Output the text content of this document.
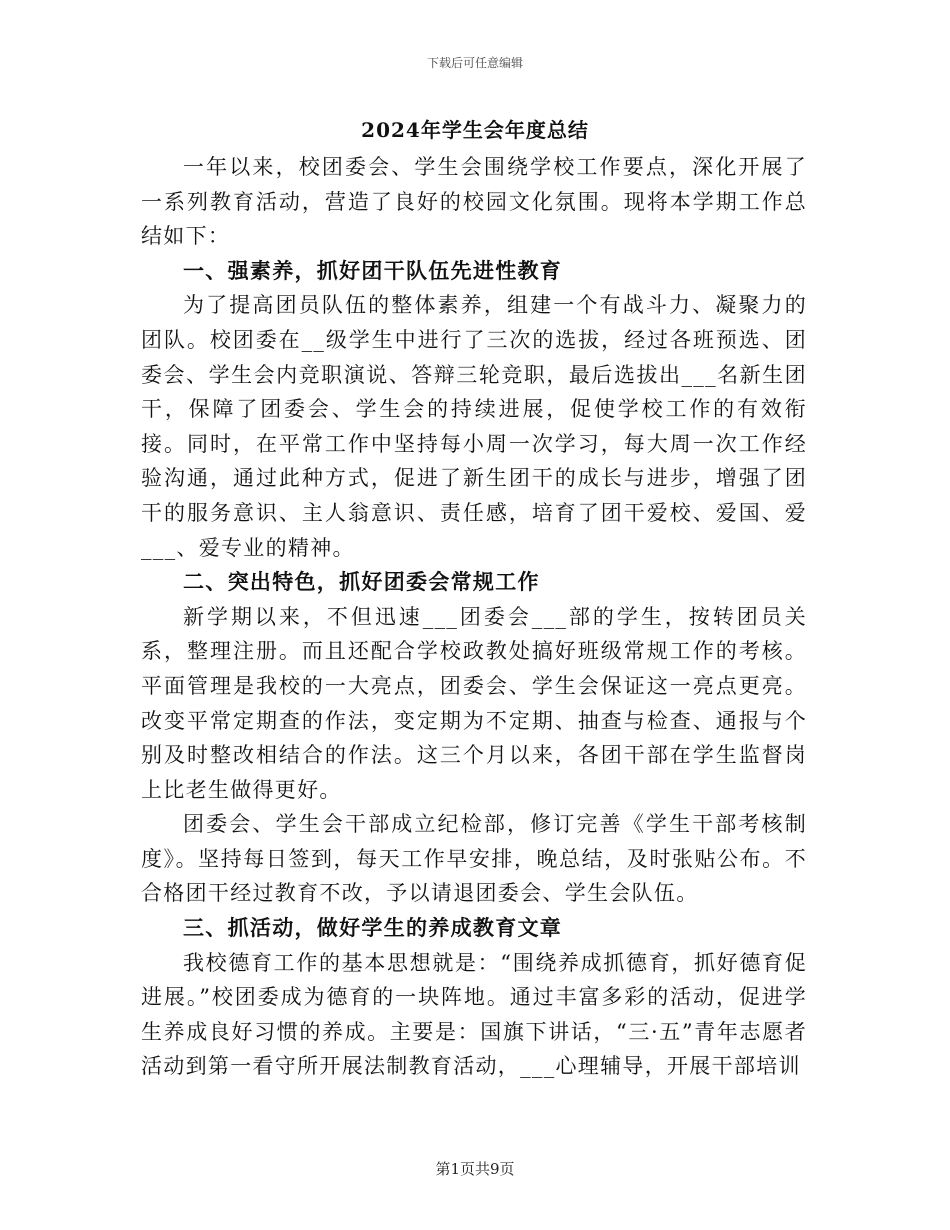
下载后可任意编辑
2024年学生会年度总结

一年以来，校团委会、学生会围绕学校工作要点，深化开展了一系列教育活动，营造了良好的校园文化氛围。现将本学期工作总结如下：

一、强素养，抓好团干队伍先进性教育

为了提高团员队伍的整体素养，组建一个有战斗力、凝聚力的团队。校团委在__级学生中进行了三次的选拔，经过各班预选、团委会、学生会内竞职演说、答辩三轮竞职，最后选拔出___名新生团干，保障了团委会、学生会的持续进展，促使学校工作的有效衔接。同时，在平常工作中坚持每小周一次学习，每大周一次工作经验沟通，通过此种方式，促进了新生团干的成长与进步，增强了团干的服务意识、主人翁意识、责任感，培育了团干爱校、爱国、爱___、爱专业的精神。

二、突出特色，抓好团委会常规工作

新学期以来，不但迅速___团委会___部的学生，按转团员关系，整理注册。而且还配合学校政教处搞好班级常规工作的考核。平面管理是我校的一大亮点，团委会、学生会保证这一亮点更亮。改变平常定期查的作法，变定期为不定期、抽查与检查、通报与个别及时整改相结合的作法。这三个月以来，各团干部在学生监督岗上比老生做得更好。

团委会、学生会干部成立纪检部，修订完善《学生干部考核制度》。坚持每日签到，每天工作早安排，晚总结，及时张贴公布。不合格团干经过教育不改，予以请退团委会、学生会队伍。

三、抓活动，做好学生的养成教育文章

我校德育工作的基本思想就是：“围绕养成抓德育，抓好德育促进展。”校团委成为德育的一块阵地。通过丰富多彩的活动，促进学生养成良好习惯的养成。主要是：国旗下讲话，“三·五”青年志愿者活动到第一看守所开展法制教育活动，___心理辅导，开展干部培训

第1页共9页
